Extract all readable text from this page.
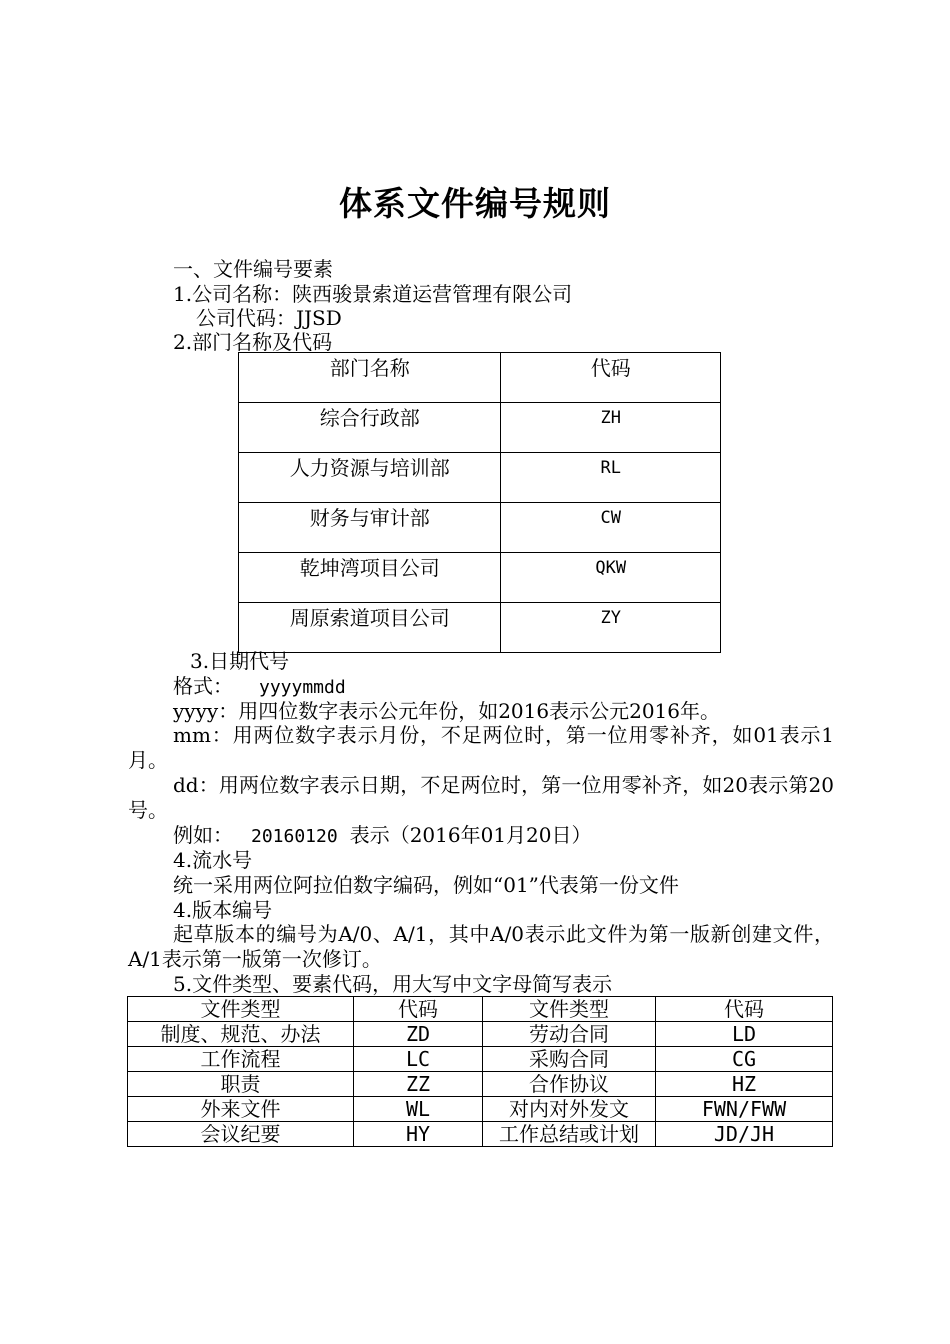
体系文件编号规则
一、文件编号要素
1.公司名称：陕西骏景索道运营管理有限公司
公司代码：JJSD
2.部门名称及代码
部门名称	代码
综合行政部	ZH
人力资源与培训部	RL
财务与审计部	CW
乾坤湾项目公司	QKW
周原索道项目公司	ZY
3.日期代号
格式： yyyymmdd
yyyy：用四位数字表示公元年份，如2016表示公元2016年。
mm：用两位数字表示月份，不足两位时，第一位用零补齐，如01表示1月。
dd：用两位数字表示日期，不足两位时，第一位用零补齐，如20表示第20号。
例如： 20160120 表示（2016年01月20日）
4.流水号
统一采用两位阿拉伯数字编码，例如“01”代表第一份文件
4.版本编号
起草版本的编号为A/0、A/1，其中A/0表示此文件为第一版新创建文件，A/1表示第一版第一次修订。
5.文件类型、要素代码，用大写中文字母简写表示
文件类型	代码	文件类型	代码
制度、规范、办法	ZD	劳动合同	LD
工作流程	LC	采购合同	CG
职责	ZZ	合作协议	HZ
外来文件	WL	对内对外发文	FWN/FWW
会议纪要	HY	工作总结或计划	JD/JH
